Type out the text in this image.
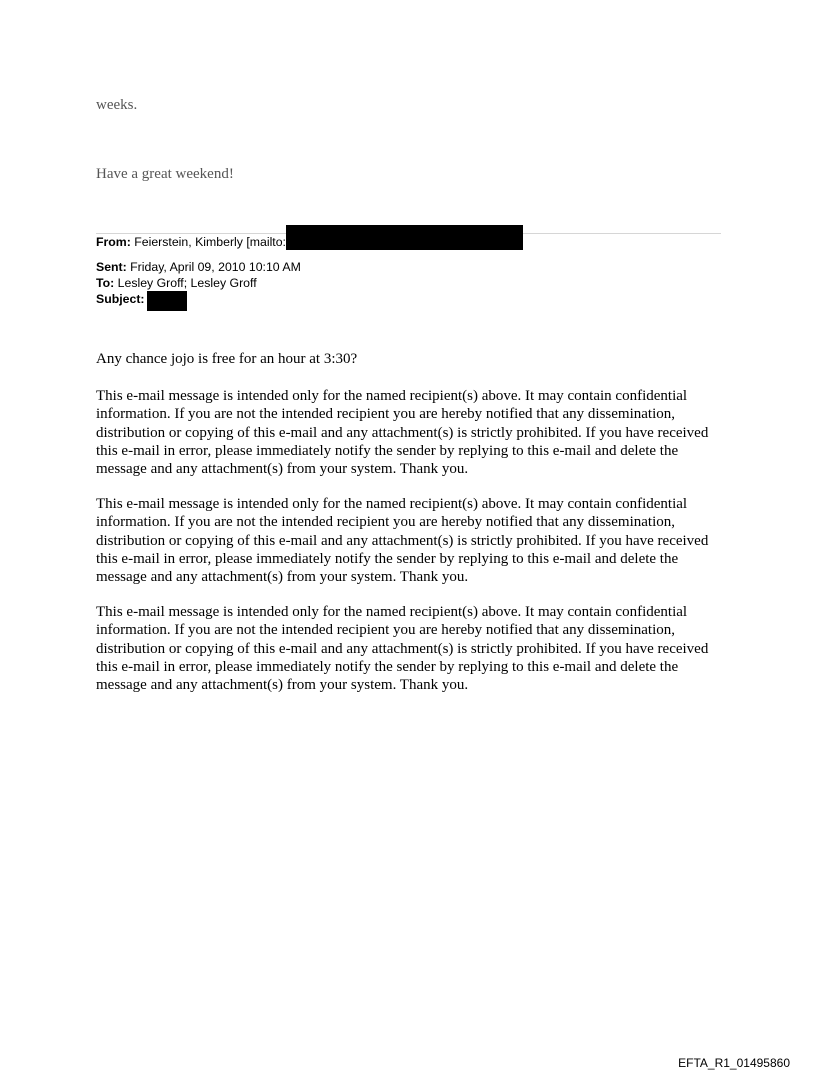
weeks.

Have a great weekend!

From: Feierstein, Kimberly [mailto:
Sent: Friday, April 09, 2010 10:10 AM
To: Lesley Groff; Lesley Groff
Subject:

Any chance jojo is free for an hour at 3:30?

This e-mail message is intended only for the named recipient(s) above. It may contain confidential information. If you are not the intended recipient you are hereby notified that any dissemination, distribution or copying of this e-mail and any attachment(s) is strictly prohibited. If you have received this e-mail in error, please immediately notify the sender by replying to this e-mail and delete the message and any attachment(s) from your system. Thank you.

This e-mail message is intended only for the named recipient(s) above. It may contain confidential information. If you are not the intended recipient you are hereby notified that any dissemination, distribution or copying of this e-mail and any attachment(s) is strictly prohibited. If you have received this e-mail in error, please immediately notify the sender by replying to this e-mail and delete the message and any attachment(s) from your system. Thank you.

This e-mail message is intended only for the named recipient(s) above. It may contain confidential information. If you are not the intended recipient you are hereby notified that any dissemination, distribution or copying of this e-mail and any attachment(s) is strictly prohibited. If you have received this e-mail in error, please immediately notify the sender by replying to this e-mail and delete the message and any attachment(s) from your system. Thank you.

EFTA_R1_01495860
